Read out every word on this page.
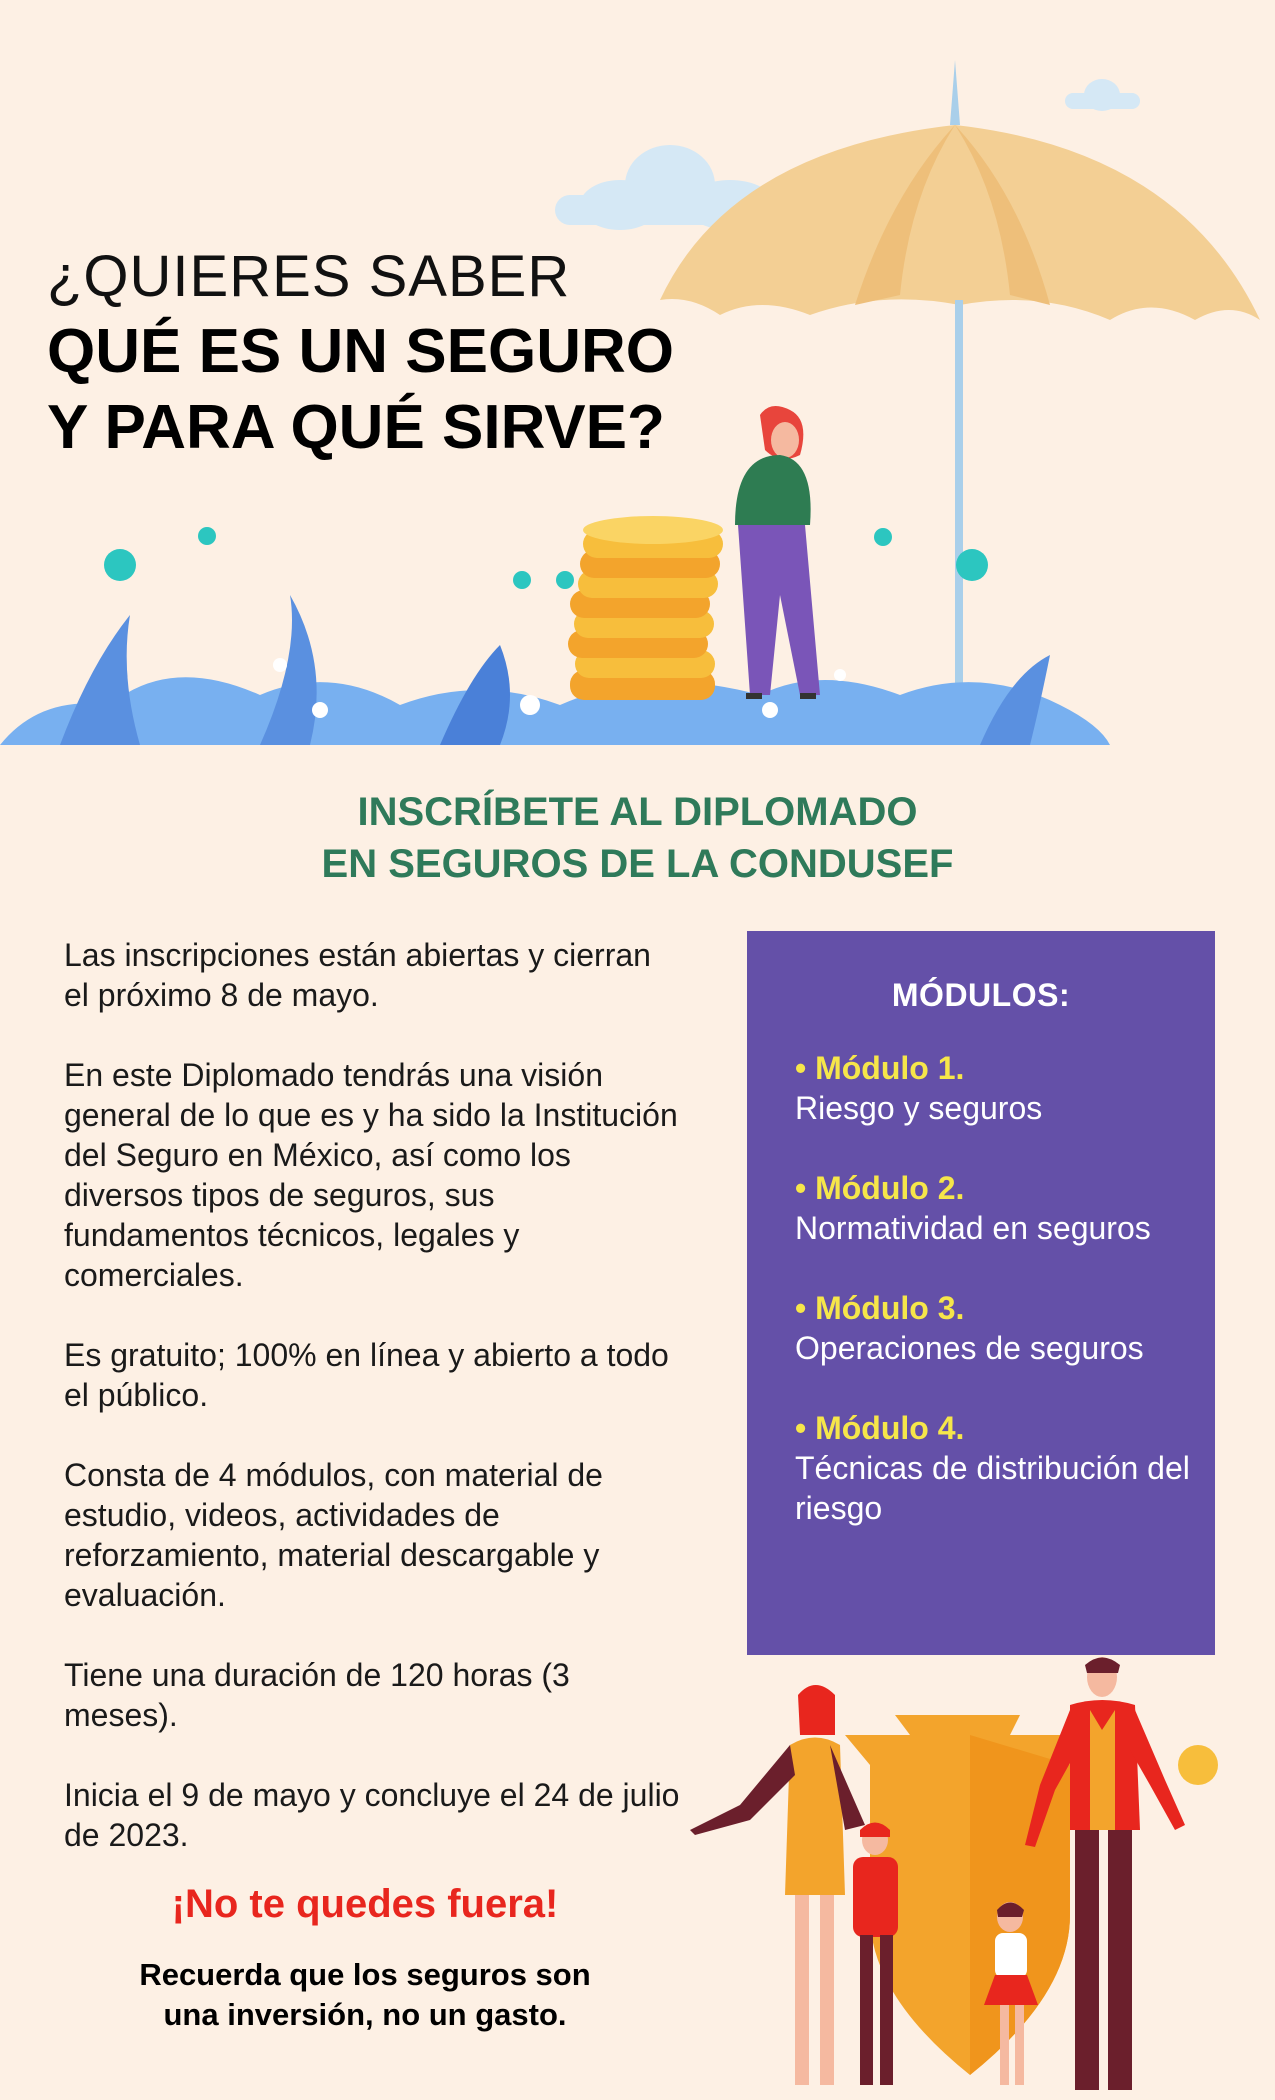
¿QUIERES SABER
QUÉ ES UN SEGURO
Y PARA QUÉ SIRVE?
INSCRÍBETE AL DIPLOMADO
EN SEGUROS DE LA CONDUSEF

Las inscripciones están abiertas y cierran el próximo 8 de mayo.

En este Diplomado tendrás una visión general de lo que es y ha sido la Institución del Seguro en México, así como los diversos tipos de seguros, sus fundamentos técnicos, legales y comerciales.

Es gratuito; 100% en línea y abierto a todo el público.

Consta de 4 módulos, con material de estudio, videos, actividades de reforzamiento, material descargable y evaluación.

Tiene una duración de 120 horas (3 meses).

Inicia el 9 de mayo y concluye el 24 de julio de 2023.

MÓDULOS:
• Módulo 1.
Riesgo y seguros
• Módulo 2.
Normatividad en seguros
• Módulo 3.
Operaciones de seguros
• Módulo 4.
Técnicas de distribución del riesgo
¡No te quedes fuera!
Recuerda que los seguros son
una inversión, no un gasto.
